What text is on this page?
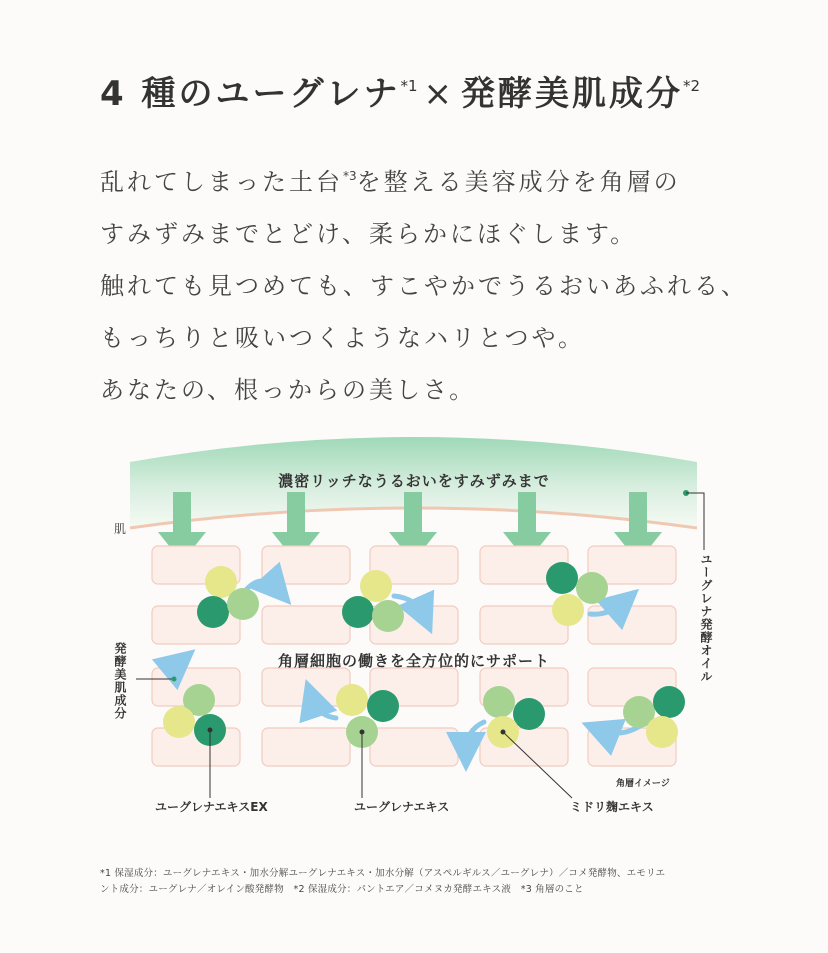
4 種のユーグレナ$^{*1}$ × 発酵美肌成分$^{*2}$
乱れてしまった土台$^{*3}$を整える美容成分を角層の
すみずみまでとどけ、柔らかにほぐします。
触れても見つめても、すこやかでうるおいあふれる、
もっちりと吸いつくようなハリとつや。
あなたの、根っからの美しさ。
濃密リッチなうるおいをすみずみまで
肌
ユーグレナ発酵オイル
角層細胞の働きを全方位的にサポート
発酵美肌成分
角層イメージ
ユーグレナエキスEX	ユーグレナエキス	ミドリ麹エキス
*1 保湿成分：ユーグレナエキス・加水分解ユーグレナエキス・加水分解（アスペルギルス／ユーグレナ）／コメ発酵物、エモリエ
ント成分：ユーグレナ／オレイン酸発酵物　*2 保湿成分：パントエア／コメヌカ発酵エキス液　*3 角層のこと
